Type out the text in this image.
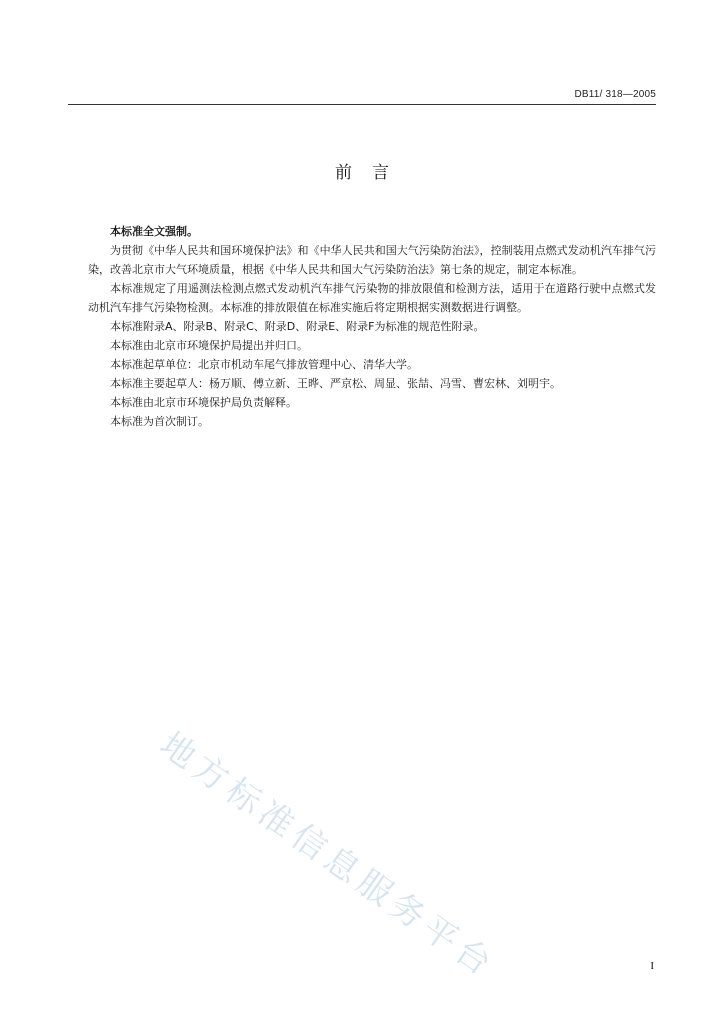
DB11/ 318—2005
前言

本标准全文强制。

为贯彻《中华人民共和国环境保护法》和《中华人民共和国大气污染防治法》，控制装用点燃式发动机汽车排气污染，改善北京市大气环境质量，根据《中华人民共和国大气污染防治法》第七条的规定，制定本标准。

本标准规定了用遥测法检测点燃式发动机汽车排气污染物的排放限值和检测方法，适用于在道路行驶中点燃式发动机汽车排气污染物检测。本标准的排放限值在标准实施后将定期根据实测数据进行调整。

本标准附录A、附录B、附录C、附录D、附录E、附录F为标准的规范性附录。

本标准由北京市环境保护局提出并归口。

本标准起草单位：北京市机动车尾气排放管理中心、清华大学。

本标准主要起草人：杨万顺、傅立新、王晔、严京松、周显、张喆、冯雪、曹宏林、刘明宇。

本标准由北京市环境保护局负责解释。

本标准为首次制订。

地方标准信息服务平台	I
